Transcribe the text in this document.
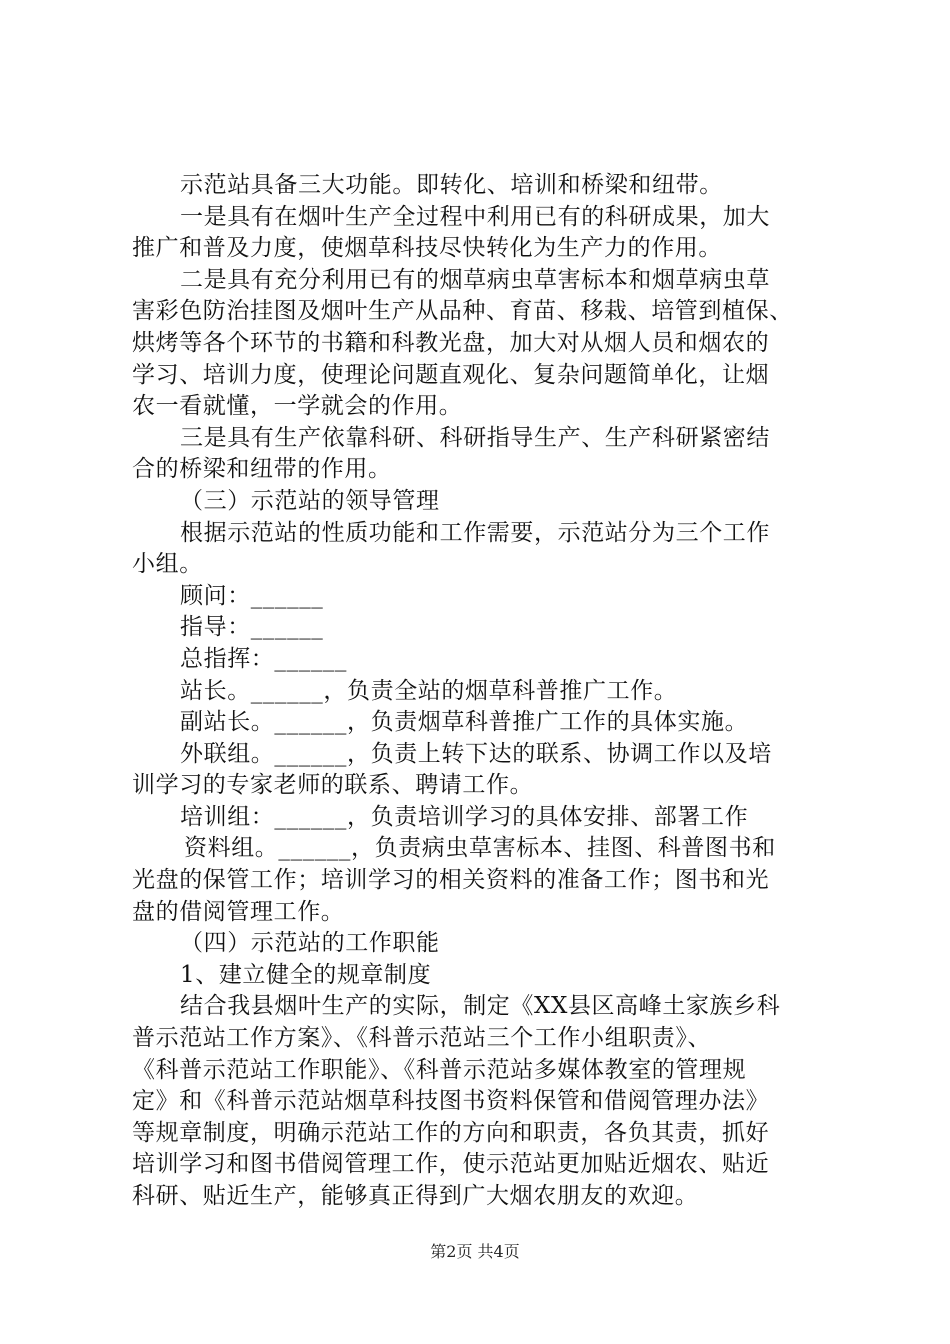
示范站具备三大功能。即转化、培训和桥梁和纽带。
一是具有在烟叶生产全过程中利用已有的科研成果，加大
推广和普及力度，使烟草科技尽快转化为生产力的作用。
二是具有充分利用已有的烟草病虫草害标本和烟草病虫草
害彩色防治挂图及烟叶生产从品种、育苗、移栽、培管到植保、
烘烤等各个环节的书籍和科教光盘，加大对从烟人员和烟农的
学习、培训力度，使理论问题直观化、复杂问题简单化，让烟
农一看就懂，一学就会的作用。
三是具有生产依靠科研、科研指导生产、生产科研紧密结
合的桥梁和纽带的作用。
（三）示范站的领导管理
根据示范站的性质功能和工作需要，示范站分为三个工作
小组。
顾问：______
指导：______
总指挥：______
站长。______，负责全站的烟草科普推广工作。
副站长。______，负责烟草科普推广工作的具体实施。
外联组。______，负责上转下达的联系、协调工作以及培
训学习的专家老师的联系、聘请工作。
培训组：______，负责培训学习的具体安排、部署工作
资料组。______，负责病虫草害标本、挂图、科普图书和
光盘的保管工作；培训学习的相关资料的准备工作；图书和光
盘的借阅管理工作。
（四）示范站的工作职能
1、建立健全的规章制度
结合我县烟叶生产的实际，制定《XX县区高峰土家族乡科
普示范站工作方案》、《科普示范站三个工作小组职责》、
《科普示范站工作职能》、《科普示范站多媒体教室的管理规
定》和《科普示范站烟草科技图书资料保管和借阅管理办法》
等规章制度，明确示范站工作的方向和职责，各负其责，抓好
培训学习和图书借阅管理工作，使示范站更加贴近烟农、贴近
科研、贴近生产，能够真正得到广大烟农朋友的欢迎。
第2页 共4页
